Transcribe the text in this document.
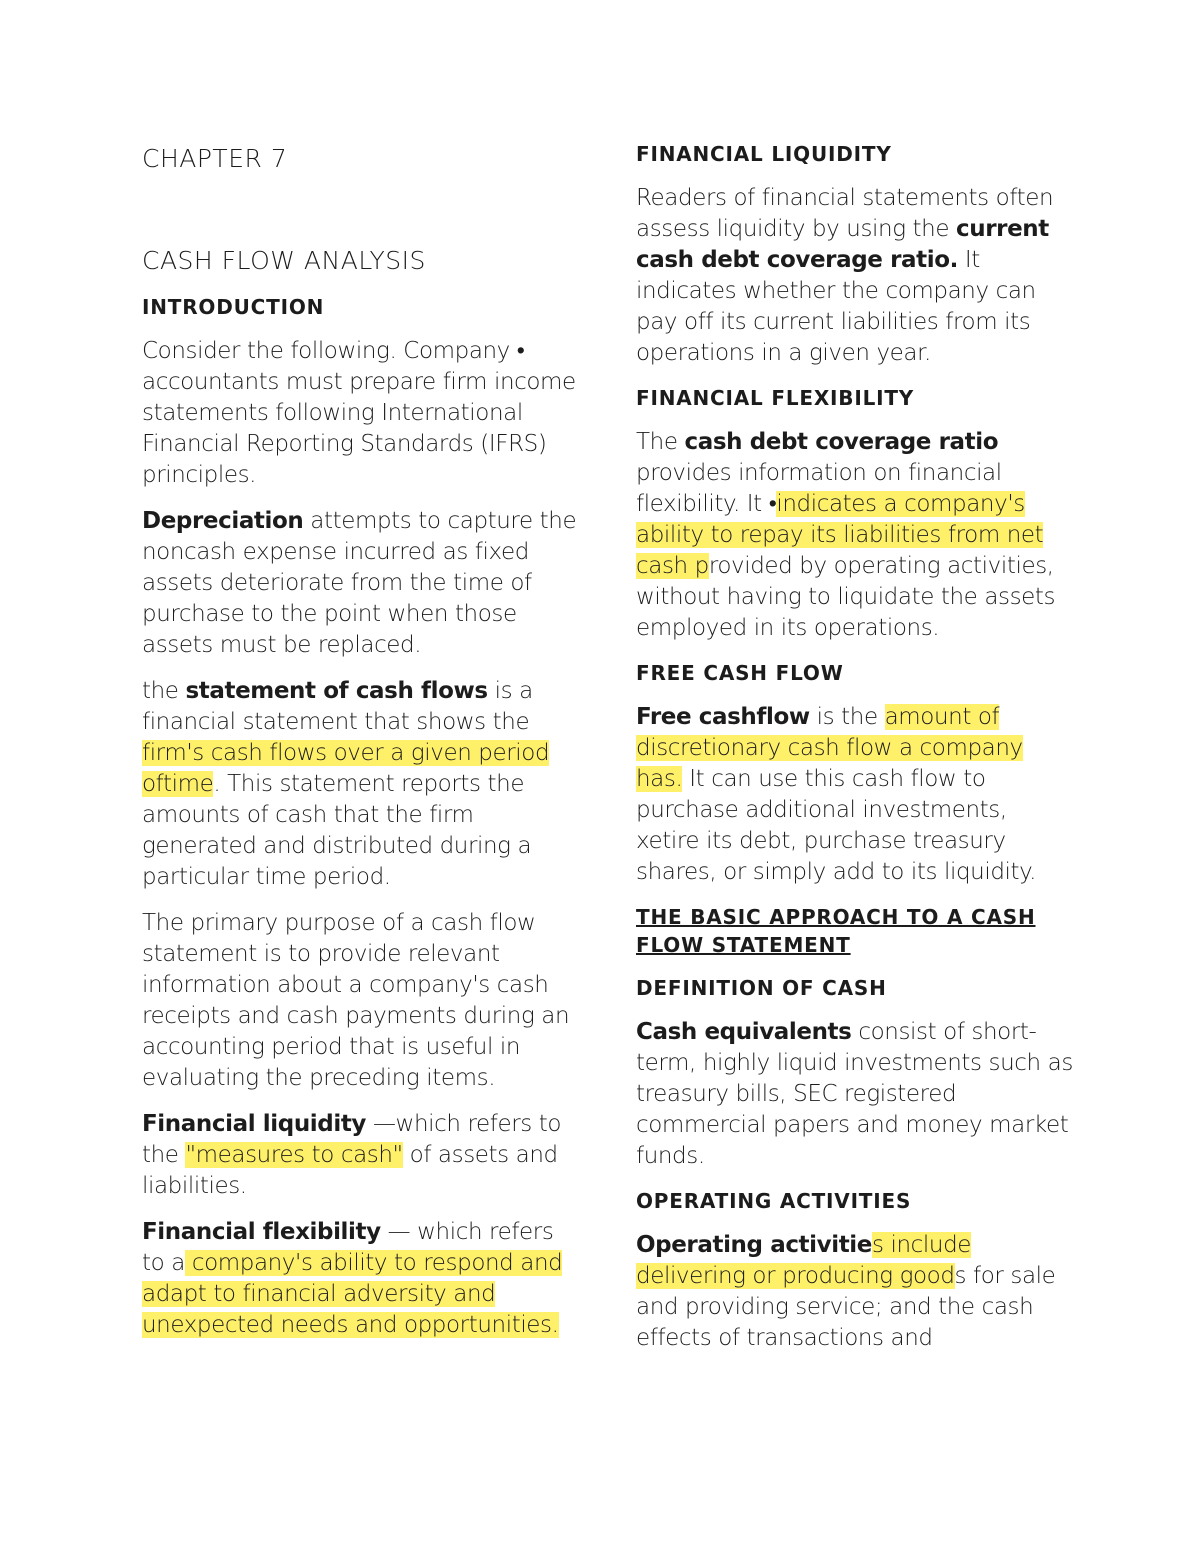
CHAPTER 7

CASH FLOW ANALYSIS

INTRODUCTION

Consider the following. Company • accountants must prepare firm income statements following International Financial Reporting Standards (IFRS) principles.

Depreciation attempts to capture the noncash expense incurred as fixed assets deteriorate from the time of purchase to the point when those assets must be replaced.

the statement of cash flows is a financial statement that shows the firm's cash flows over a given period oftime. This statement reports the amounts of cash that the firm generated and distributed during a particular time period.

The primary purpose of a cash flow statement is to provide relevant information about a company's cash receipts and cash payments during an accounting period that is useful in evaluating the preceding items.

Financial liquidity —which refers to the "measures to cash" of assets and liabilities.

Financial flexibility — which refers to a company's ability to respond and adapt to financial adversity and unexpected needs and opportunities.

FINANCIAL LIQUIDITY

Readers of financial statements often assess liquidity by using the current cash debt coverage ratio. It indicates whether the company can pay off its current liabilities from its operations in a given year.

FINANCIAL FLEXIBILITY

The cash debt coverage ratio provides information on financial flexibility. It •indicates a company's ability to repay its liabilities from net cash provided by operating activities, without having to liquidate the assets employed in its operations.

FREE CASH FLOW

Free cashflow is the amount of discretionary cash flow a company has. It can use this cash flow to purchase additional investments, xetire its debt, purchase treasury shares, or simply add to its liquidity.

THE BASIC APPROACH TO A CASH FLOW STATEMENT
DEFINITION OF CASH

Cash equivalents consist of short-term, highly liquid investments such as treasury bills, SEC registered commercial papers and money market funds.

OPERATING ACTIVITIES

Operating activities include delivering or producing goods for sale and providing service; and the cash effects of transactions and
